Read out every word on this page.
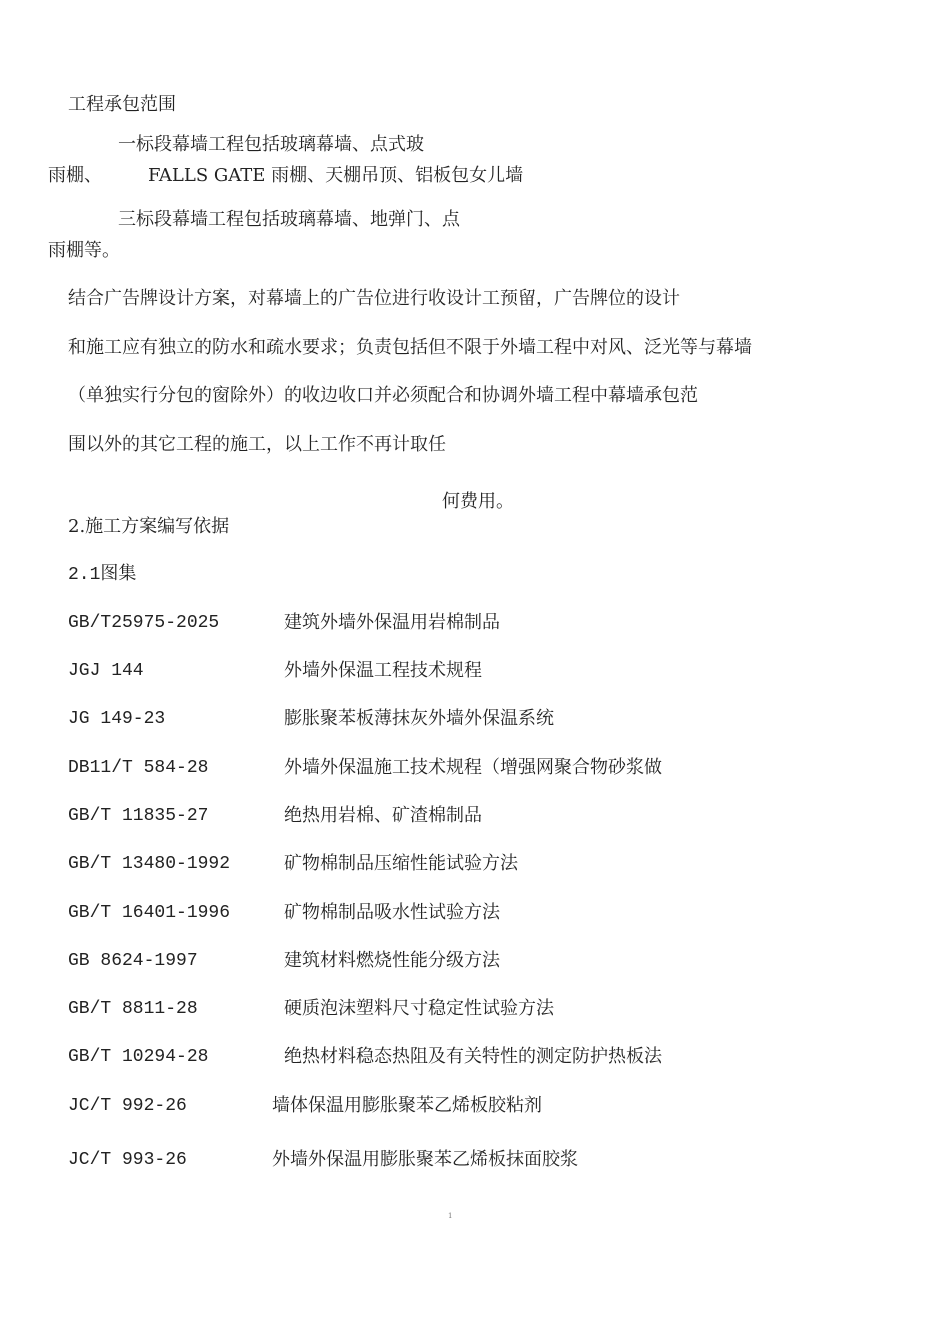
工程承包范围
一标段幕墙工程包括玻璃幕墙、点式玻
雨棚、	FALLS GATE 雨棚、天棚吊顶、铝板包女儿墙
三标段幕墙工程包括玻璃幕墙、地弹门、点
雨棚等。
结合广告牌设计方案，对幕墙上的广告位进行收设计工预留，广告牌位的设计
和施工应有独立的防水和疏水要求；负责包括但不限于外墙工程中对风、泛光等与幕墙
（单独实行分包的窗除外）的收边收口并必须配合和协调外墙工程中幕墙承包范
围以外的其它工程的施工，以上工作不再计取任
何费用。
2.施工方案编写依据
2.1图集
GB/T25975-2025	建筑外墙外保温用岩棉制品
JGJ 144	外墙外保温工程技术规程
JG 149-23	膨胀聚苯板薄抹灰外墙外保温系统
DB11/T 584-28	外墙外保温施工技术规程（增强网聚合物砂浆做
GB/T 11835-27	绝热用岩棉、矿渣棉制品
GB/T 13480-1992	矿物棉制品压缩性能试验方法
GB/T 16401-1996	矿物棉制品吸水性试验方法
GB 8624-1997	建筑材料燃烧性能分级方法
GB/T 8811-28	硬质泡沫塑料尺寸稳定性试验方法
GB/T 10294-28	绝热材料稳态热阻及有关特性的测定防护热板法
JC/T 992-26	墙体保温用膨胀聚苯乙烯板胶粘剂
JC/T 993-26	外墙外保温用膨胀聚苯乙烯板抹面胶浆
1
